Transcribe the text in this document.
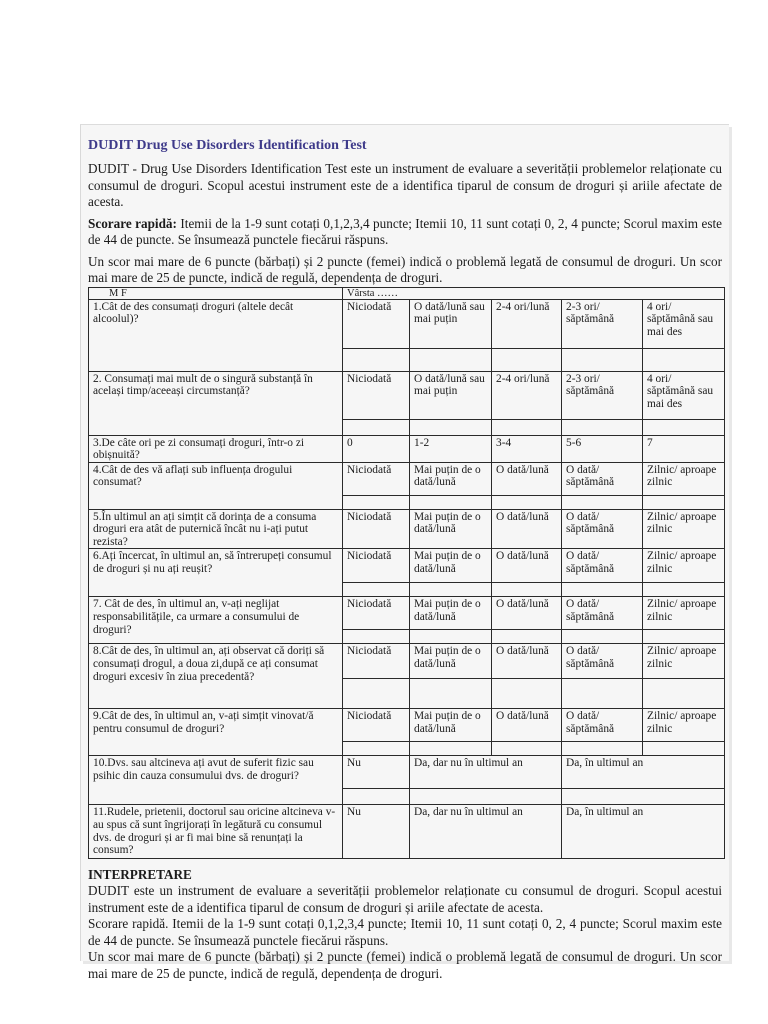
DUDIT Drug Use Disorders Identification Test

DUDIT - Drug Use Disorders Identification Test este un instrument de evaluare a severității problemelor relaționate cu consumul de droguri. Scopul acestui instrument este de a identifica tiparul de consum de droguri și ariile afectate de acesta.

Scorare rapidă: Itemii de la 1-9 sunt cotați 0,1,2,3,4 puncte; Itemii 10, 11 sunt cotați 0, 2, 4 puncte; Scorul maxim este de 44 de puncte. Se însumează punctele fiecărui răspuns.

Un scor mai mare de 6 puncte (bărbați) și 2 puncte (femei) indică o problemă legată de consumul de droguri. Un scor mai mare de 25 de puncte, indică de regulă, dependența de droguri.

M F	Vârsta ……				
1.Cât de des consumați droguri (altele decât alcoolul)?	Niciodată	O dată/lună sau mai puțin	2-4 ori/lună	2-3 ori/ săptămână	4 ori/ săptămână sau mai des

2. Consumați mai mult de o singură substanță în același timp/aceeași circumstanță?	Niciodată	O dată/lună sau mai puțin	2-4 ori/lună	2-3 ori/ săptămână	4 ori/ săptămână sau mai des

3.De câte ori pe zi consumați droguri, într-o zi obișnuită?	0	1-2	3-4	5-6	7
4.Cât de des vă aflați sub influența drogului consumat?	Niciodată	Mai puțin de o dată/lună	O dată/lună	O dată/ săptămână	Zilnic/ aproape zilnic

5.În ultimul an ați simțit că dorința de a consuma droguri era atât de puternică încât nu i-ați putut rezista?	Niciodată	Mai puțin de o dată/lună	O dată/lună	O dată/ săptămână	Zilnic/ aproape zilnic
6.Ați încercat, în ultimul an, să întrerupeți consumul de droguri și nu ați reușit?	Niciodată	Mai puțin de o dată/lună	O dată/lună	O dată/ săptămână	Zilnic/ aproape zilnic

7. Cât de des, în ultimul an, v-ați neglijat responsabilitățile, ca urmare a consumului de droguri?	Niciodată	Mai puțin de o dată/lună	O dată/lună	O dată/ săptămână	Zilnic/ aproape zilnic

8.Cât de des, în ultimul an, ați observat că doriți să consumați drogul, a doua zi,după ce ați consumat droguri excesiv în ziua precedentă?	Niciodată	Mai puțin de o dată/lună	O dată/lună	O dată/ săptămână	Zilnic/ aproape zilnic

9.Cât de des, în ultimul an, v-ați simțit vinovat/ă pentru consumul de droguri?	Niciodată	Mai puțin de o dată/lună	O dată/lună	O dată/ săptămână	Zilnic/ aproape zilnic

10.Dvs. sau altcineva ați avut de suferit fizic sau psihic din cauza consumului dvs. de droguri?	Nu	Da, dar nu în ultimul an		Da, în ultimul an	

11.Rudele, prietenii, doctorul sau oricine altcineva v-au spus că sunt îngrijorați în legătură cu consumul dvs. de droguri și ar fi mai bine să renunțați la consum?	Nu	Da, dar nu în ultimul an		Da, în ultimul an	
INTERPRETARE

DUDIT este un instrument de evaluare a severității problemelor relaționate cu consumul de droguri. Scopul acestui instrument este de a identifica tiparul de consum de droguri și ariile afectate de acesta.

Scorare rapidă. Itemii de la 1-9 sunt cotați 0,1,2,3,4 puncte; Itemii 10, 11 sunt cotați 0, 2, 4 puncte; Scorul maxim este de 44 de puncte. Se însumează punctele fiecărui răspuns.

Un scor mai mare de 6 puncte (bărbați) și 2 puncte (femei) indică o problemă legată de consumul de droguri. Un scor mai mare de 25 de puncte, indică de regulă, dependența de droguri.
